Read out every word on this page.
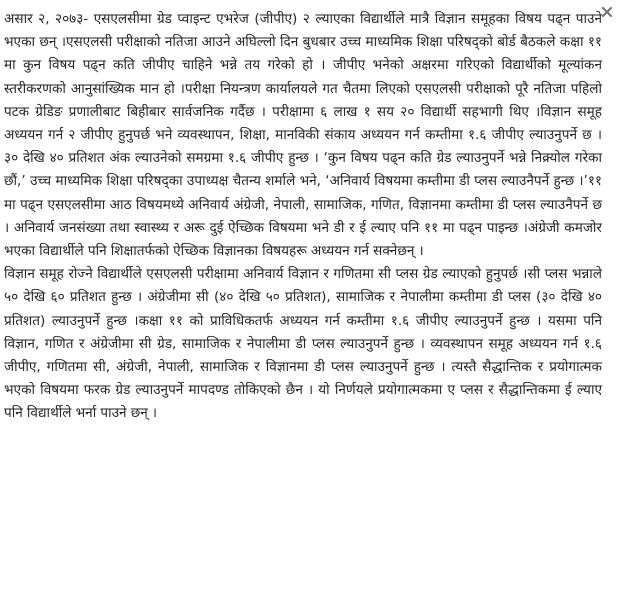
असार २, २०७३- एसएलसीमा ग्रेड प्वाइन्ट एभरेज (जीपीए) २ ल्याएका विद्यार्थीले मात्रै विज्ञान समूहका विषय पढ्न पाउने भएका छन् ।एसएलसी परीक्षाको नतिजा आउने अघिल्लो दिन बुधबार उच्च माध्यमिक शिक्षा परिषद्को बोर्ड बैठकले कक्षा ११ मा कुन विषय पढ्न कति जीपीए चाहिने भन्ने तय गरेको हो । जीपीए भनेको अक्षरमा गरिएको विद्यार्थीको मूल्यांकन स्तरीकरणको आनुसांख्यिक मान हो ।परीक्षा नियन्त्रण कार्यालयले गत चैतमा लिएको एसएलसी परीक्षाको पूरै नतिजा पहिलो पटक ग्रेडिङ प्रणालीबाट बिहीबार सार्वजनिक गर्दैछ । परीक्षामा ६ लाख १ सय २० विद्यार्थी सहभागी थिए ।विज्ञान समूह अध्ययन गर्न २ जीपीए हुनुपर्छ भने व्यवस्थापन, शिक्षा, मानविकी संकाय अध्ययन गर्न कम्तीमा १.६ जीपीए ल्याउनुपर्ने छ । ३० देखि ४० प्रतिशत अंक ल्याउनेको समग्रमा १.६ जीपीए हुन्छ । ‘कुन विषय पढ्न कति ग्रेड ल्याउनुपर्ने भन्ने निक्र्योल गरेका छौं,’ उच्च माध्यमिक शिक्षा परिषद्का उपाध्यक्ष चैतन्य शर्माले भने, ‘अनिवार्य विषयमा कम्तीमा डी प्लस ल्याउनैपर्ने हुन्छ ।’११ मा पढ्न एसएलसीमा आठ विषयमध्ये अनिवार्य अंग्रेजी, नेपाली, सामाजिक, गणित, विज्ञानमा कम्तीमा डी प्लस ल्याउनैपर्ने छ । अनिवार्य जनसंख्या तथा स्वास्थ्य र अरू दुई ऐच्छिक विषयमा भने डी र ई ल्याए पनि ११ मा पढ्न पाइन्छ ।अंग्रेजी कमजोर भएका विद्यार्थीले पनि शिक्षातर्फको ऐच्छिक विज्ञानका विषयहरू अध्ययन गर्न सक्नेछन् ।

विज्ञान समूह रोज्ने विद्यार्थीले एसएलसी परीक्षामा अनिवार्य विज्ञान र गणितमा सी प्लस ग्रेड ल्याएको हुनुपर्छ ।सी प्लस भन्नाले ५० देखि ६० प्रतिशत हुन्छ । अंग्रेजीमा सी (४० देखि ५० प्रतिशत), सामाजिक र नेपालीमा कम्तीमा डी प्लस (३० देखि ४० प्रतिशत) ल्याउनुपर्ने हुन्छ ।कक्षा ११ को प्राविधिकतर्फ अध्ययन गर्न कम्तीमा १.६ जीपीए ल्याउनुपर्ने हुन्छ । यसमा पनि विज्ञान, गणित र अंग्रेजीमा सी ग्रेड, सामाजिक र नेपालीमा डी प्लस ल्याउनुपर्ने हुन्छ । व्यवस्थापन समूह अध्ययन गर्न १.६ जीपीए, गणितमा सी, अंग्रेजी, नेपाली, सामाजिक र विज्ञानमा डी प्लस ल्याउनुपर्ने हुन्छ । त्यस्तै सैद्धान्तिक र प्रयोगात्मक भएको विषयमा फरक ग्रेड ल्याउनुपर्ने मापदण्ड तोकिएको छैन । यो निर्णयले प्रयोगात्मकमा ए प्लस र सैद्धान्तिकमा ई ल्याए पनि विद्यार्थीले भर्ना पाउने छन् ।
